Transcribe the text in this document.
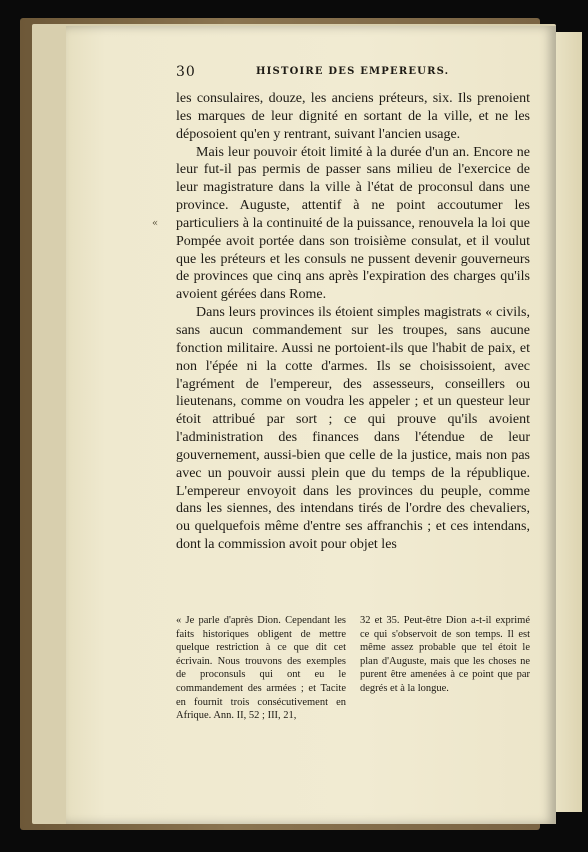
«
30	HISTOIRE DES EMPEREURS.

les consulaires, douze, les anciens préteurs, six. Ils prenoient les marques de leur dignité en sortant de la ville, et ne les déposoient qu'en y rentrant, suivant l'ancien usage.

Mais leur pouvoir étoit limité à la durée d'un an. Encore ne leur fut-il pas permis de passer sans milieu de l'exercice de leur magistrature dans la ville à l'état de proconsul dans une province. Auguste, attentif à ne point accoutumer les particuliers à la continuité de la puissance, renouvela la loi que Pompée avoit portée dans son troisième consulat, et il voulut que les préteurs et les consuls ne pussent devenir gouverneurs de provinces que cinq ans après l'expiration des charges qu'ils avoient gérées dans Rome.

Dans leurs provinces ils étoient simples magistrats « civils, sans aucun commandement sur les troupes, sans aucune fonction militaire. Aussi ne portoient-ils que l'habit de paix, et non l'épée ni la cotte d'armes. Ils se choisissoient, avec l'agrément de l'empereur, des assesseurs, conseillers ou lieutenans, comme on voudra les appeler ; et un questeur leur étoit attribué par sort ; ce qui prouve qu'ils avoient l'administration des finances dans l'étendue de leur gouvernement, aussi-bien que celle de la justice, mais non pas avec un pouvoir aussi plein que du temps de la république. L'empereur envoyoit dans les provinces du peuple, comme dans les siennes, des intendans tirés de l'ordre des chevaliers, ou quelquefois même d'entre ses affranchis ; et ces intendans, dont la commission avoit pour objet les

« Je parle d'après Dion. Cependant les faits historiques obligent de mettre quelque restriction à ce que dit cet écrivain. Nous trouvons des exemples de proconsuls qui ont eu le commandement des armées ; et Tacite en fournit trois consécutivement en Afrique. Ann. II, 52 ; III, 21,
32 et 35. Peut-être Dion a-t-il exprimé ce qui s'observoit de son temps. Il est même assez probable que tel étoit le plan d'Auguste, mais que les choses ne purent être amenées à ce point que par degrés et à la longue.
